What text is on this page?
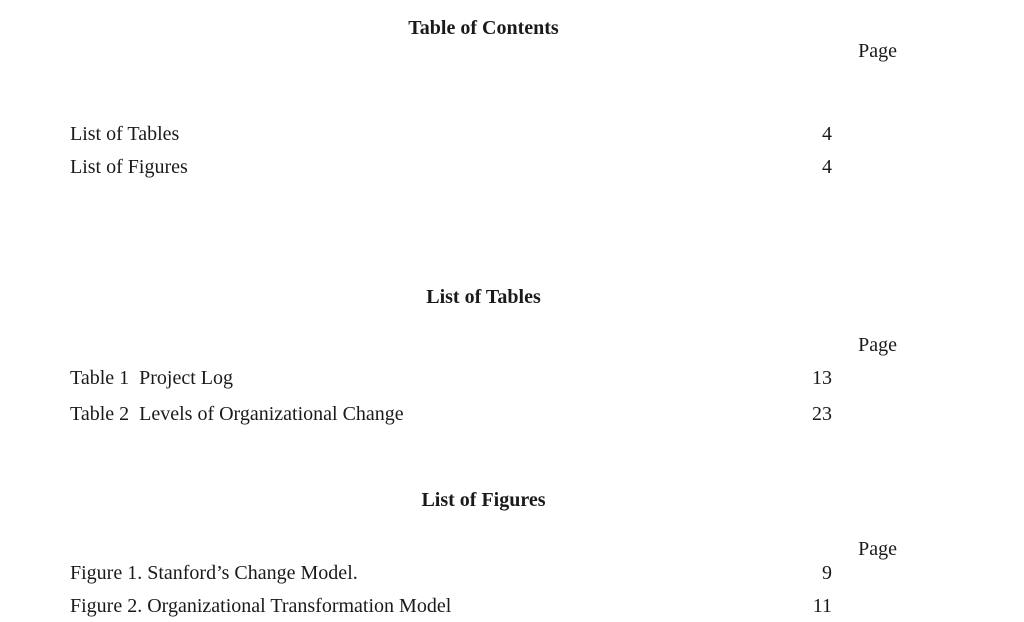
Table of Contents
Page

4

List of Tables

4

List of Figures

List of Tables
Page

13

Table 1  Project Log

23

Table 2  Levels of Organizational Change

List of Figures
Page

9

Figure 1. Stanford’s Change Model.

11

Figure 2. Organizational Transformation Model
